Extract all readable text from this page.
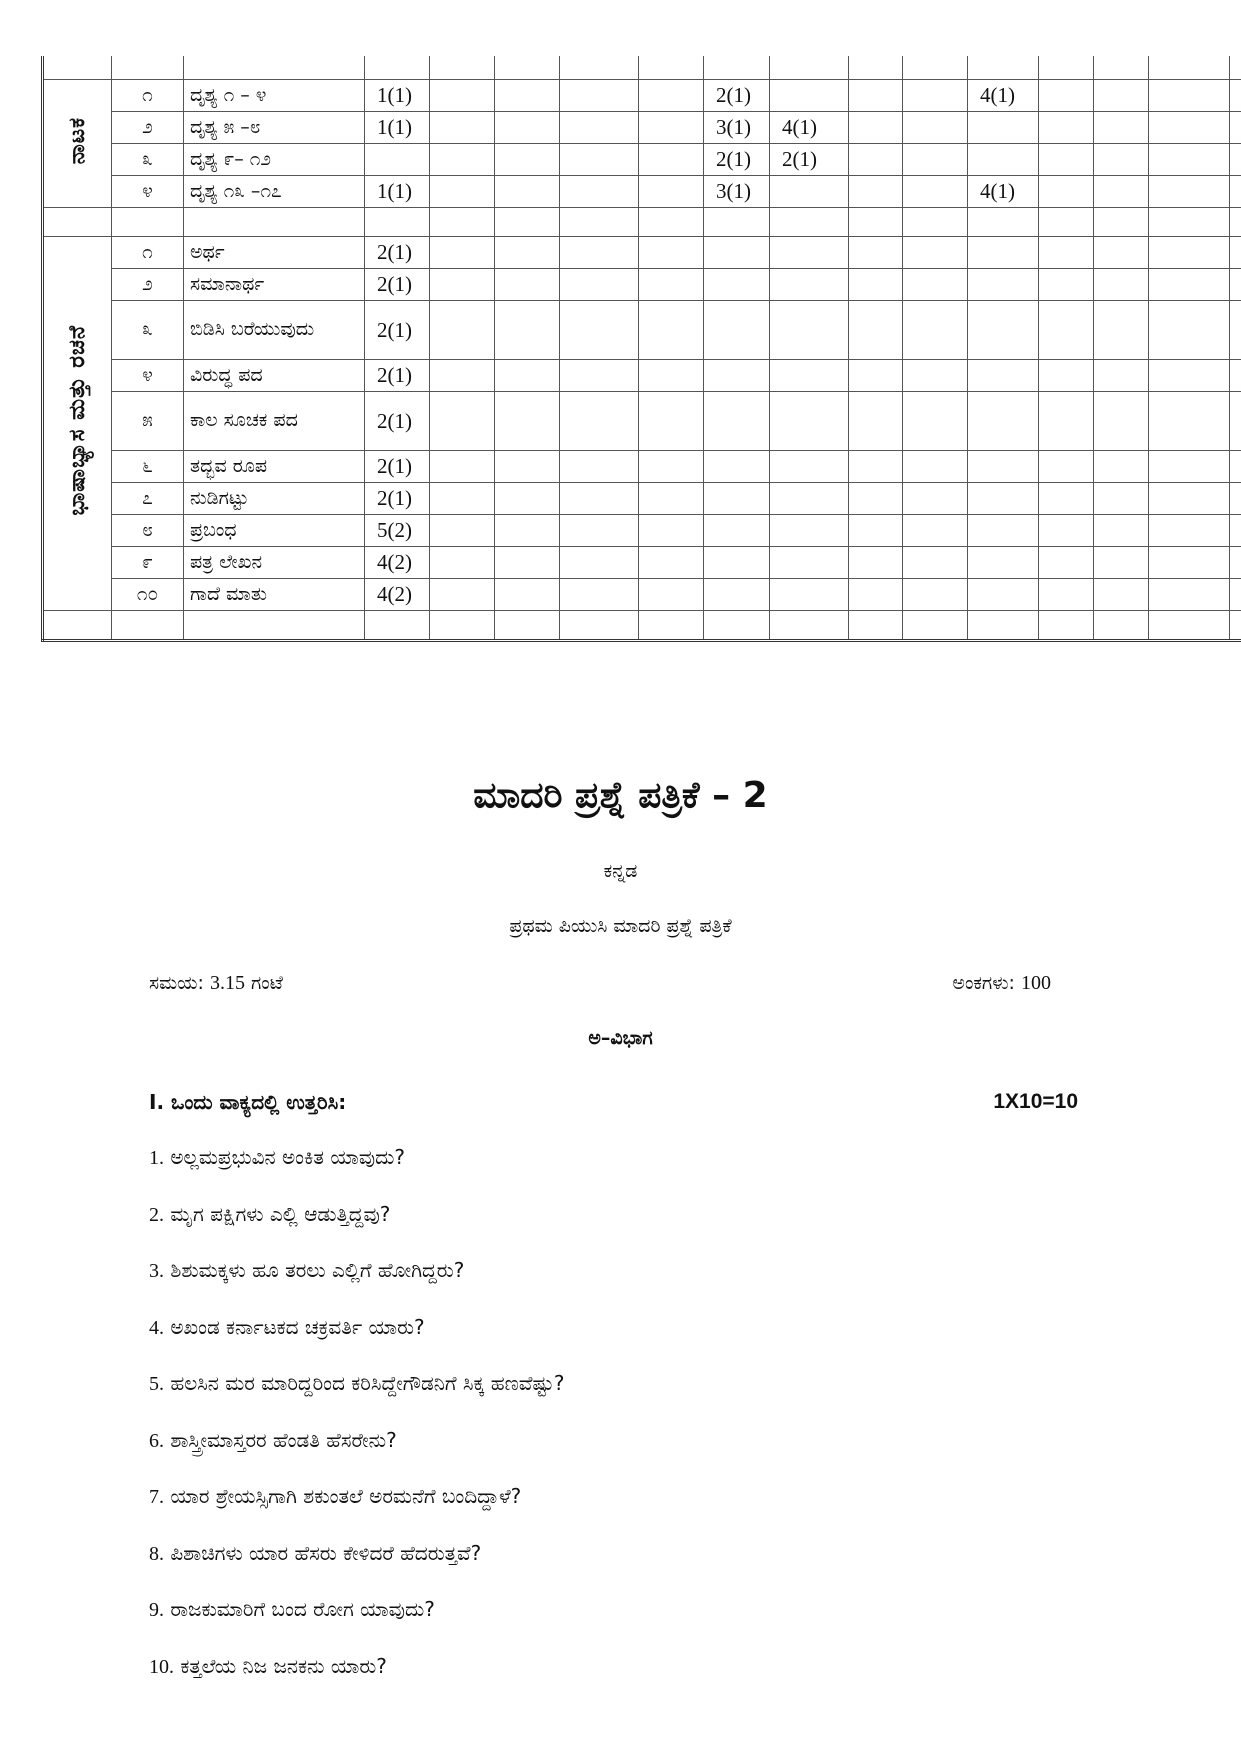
ನಾಟಕ	೧	ದೃಶ್ಯ ೧ – ೪	1(1)					2(1)				4(1)				
	೨	ದೃಶ್ಯ ೫ –೮	1(1)					3(1)	4(1)							
	೩	ದೃಶ್ಯ ೯– ೧೨						2(1)	2(1)							
	೪	ದೃಶ್ಯ ೧೩ –೧೭	1(1)					3(1)				4(1)				

ಭಾಷಾಭ್ಯಾಸ ಮತ್ತು ರಚನೆ	೧	ಅರ್ಥ	2(1)													
	೨	ಸಮಾನಾರ್ಥ	2(1)													
	೩	ಬಿಡಿಸಿ ಬರೆಯುವುದು	2(1)													
	೪	ವಿರುದ್ಧ ಪದ	2(1)													
	೫	ಕಾಲ ಸೂಚಕ ಪದ	2(1)													
	೬	ತದ್ಭವ ರೂಪ	2(1)													
	೭	ನುಡಿಗಟ್ಟು	2(1)													
	೮	ಪ್ರಬಂಧ	5(2)													
	೯	ಪತ್ರ ಲೇಖನ	4(2)													
	೧೦	ಗಾದೆ ಮಾತು	4(2)													

ಮಾದರಿ ಪ್ರಶ್ನೆ ಪತ್ರಿಕೆ – 2
ಕನ್ನಡ
ಪ್ರಥಮ ಪಿಯುಸಿ ಮಾದರಿ ಪ್ರಶ್ನೆ ಪತ್ರಿಕೆ
ಸಮಯ: 3.15 ಗಂಟೆ	ಅಂಕಗಳು: 100
ಅ–ವಿಭಾಗ
I. ಒಂದು ವಾಕ್ಯದಲ್ಲಿ ಉತ್ತರಿಸಿ:	1X10=10
1. ಅಲ್ಲಮಪ್ರಭುವಿನ ಅಂಕಿತ ಯಾವುದು?
2. ಮೃಗ ಪಕ್ಷಿಗಳು ಎಲ್ಲಿ ಆಡುತ್ತಿದ್ದವು?
3. ಶಿಶುಮಕ್ಕಳು ಹೂ ತರಲು ಎಲ್ಲಿಗೆ ಹೋಗಿದ್ದರು?
4. ಅಖಂಡ ಕರ್ನಾಟಕದ ಚಕ್ರವರ್ತಿ ಯಾರು?
5. ಹಲಸಿನ ಮರ ಮಾರಿದ್ದರಿಂದ ಕರಿಸಿದ್ದೇಗೌಡನಿಗೆ ಸಿಕ್ಕ ಹಣವೆಷ್ಟು?
6. ಶಾಸ್ತ್ರೀಮಾಸ್ತರರ ಹೆಂಡತಿ ಹೆಸರೇನು?
7. ಯಾರ ಶ್ರೇಯಸ್ಸಿಗಾಗಿ ಶಕುಂತಲೆ ಅರಮನೆಗೆ ಬಂದಿದ್ದಾಳೆ?
8. ಪಿಶಾಚಿಗಳು ಯಾರ ಹೆಸರು ಕೇಳಿದರೆ ಹೆದರುತ್ತವೆ?
9. ರಾಜಕುಮಾರಿಗೆ ಬಂದ ರೋಗ ಯಾವುದು?
10. ಕತ್ತಲೆಯ ನಿಜ ಜನಕನು ಯಾರು?
